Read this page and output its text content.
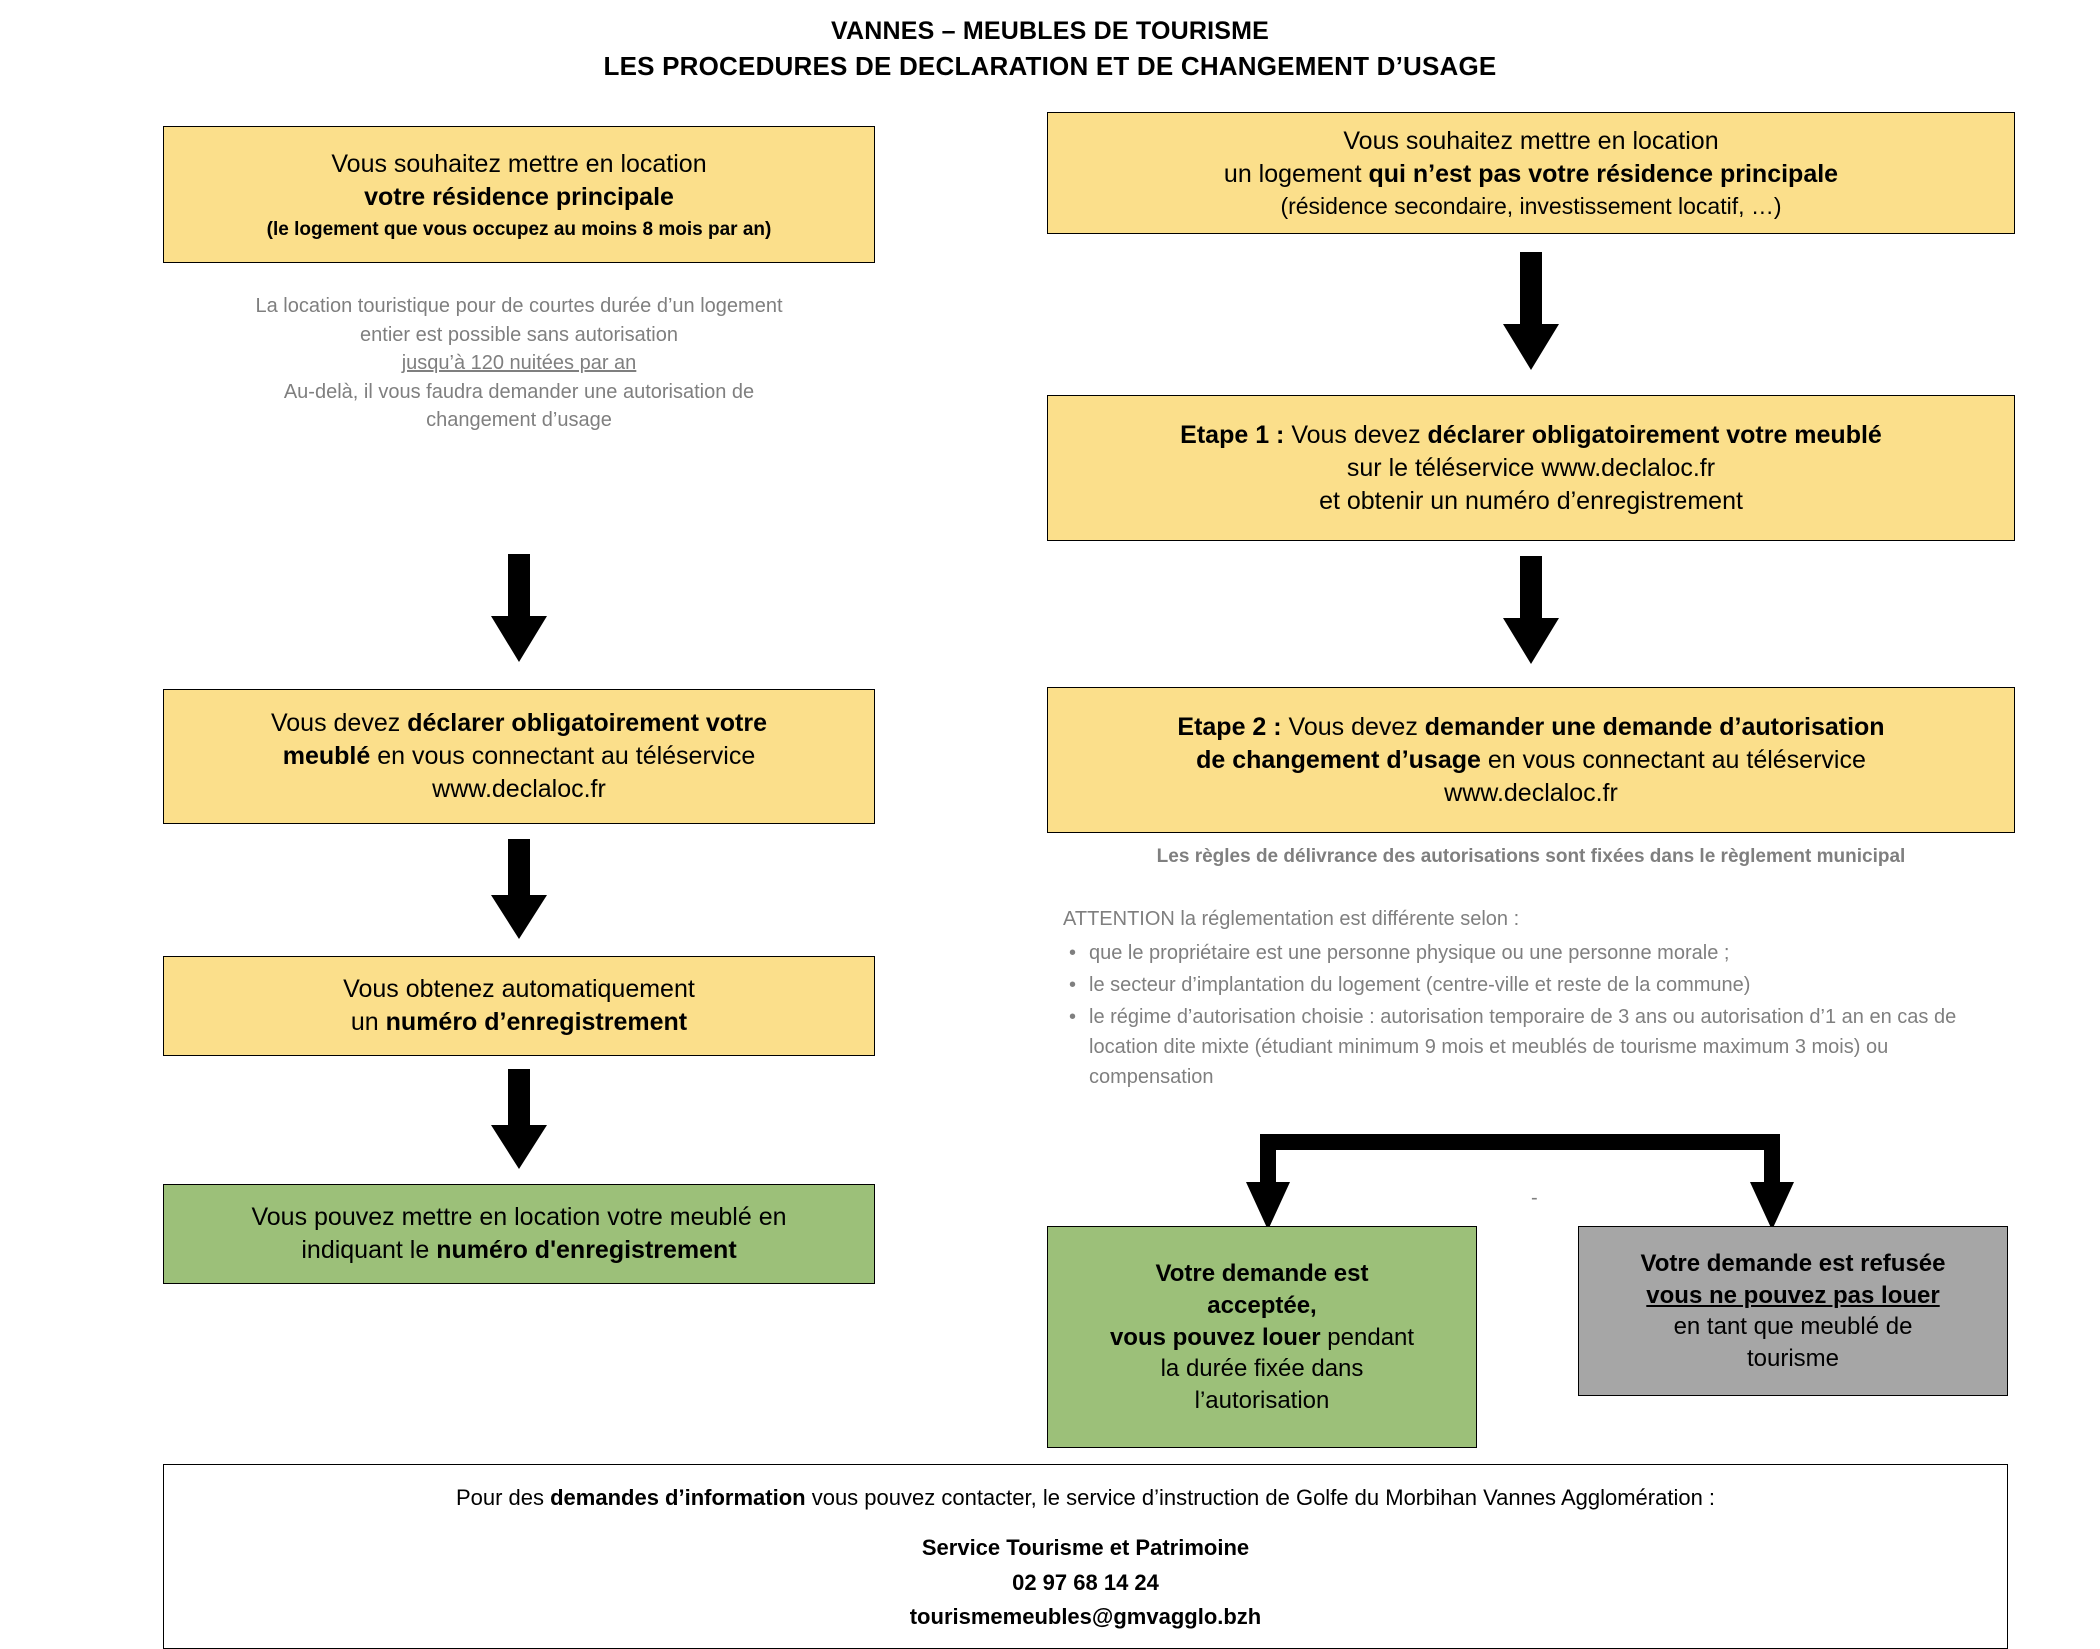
VANNES – MEUBLES DE TOURISME
LES PROCEDURES DE DECLARATION ET DE CHANGEMENT D’USAGE
Vous souhaitez mettre en location
votre résidence principale
(le logement que vous occupez au moins 8 mois par an)
La location touristique pour de courtes durée d’un logement
entier est possible sans autorisation
jusqu’à 120 nuitées par an
Au-delà, il vous faudra demander une autorisation de
changement d’usage
Vous devez déclarer obligatoirement votre
meublé en vous connectant au téléservice
www.declaloc.fr
Vous obtenez automatiquement
un numéro d’enregistrement
Vous pouvez mettre en location votre meublé en
indiquant le numéro d'enregistrement
Vous souhaitez mettre en location
un logement qui n’est pas votre résidence principale
(résidence secondaire, investissement locatif, …)
Etape 1 : Vous devez déclarer obligatoirement votre meublé
sur le téléservice www.declaloc.fr
et obtenir un numéro d’enregistrement
Etape 2 : Vous devez demander une demande d’autorisation
de changement d’usage en vous connectant au téléservice
www.declaloc.fr
Les règles de délivrance des autorisations sont fixées dans le règlement municipal
ATTENTION la réglementation est différente selon :
• que le propriétaire est une personne physique ou une personne morale ;
• le secteur d’implantation du logement (centre-ville et reste de la commune)
• le régime d’autorisation choisie : autorisation temporaire de 3 ans ou autorisation d’1 an en cas de location dite mixte (étudiant minimum 9 mois et meublés de tourisme maximum 3 mois) ou compensation
-
Votre demande est
acceptée,
vous pouvez louer pendant
la durée fixée dans
l’autorisation
Votre demande est refusée
vous ne pouvez pas louer
en tant que meublé de
tourisme
Pour des demandes d’information vous pouvez contacter, le service d’instruction de Golfe du Morbihan Vannes Agglomération :
Service Tourisme et Patrimoine
02 97 68 14 24
tourismemeubles@gmvagglo.bzh
